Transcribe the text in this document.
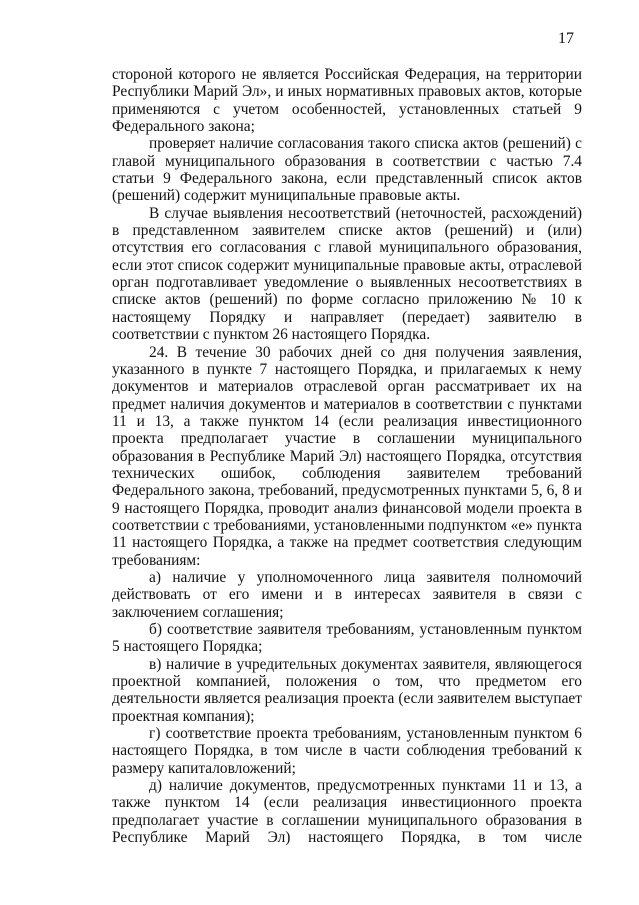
17

стороной которого не является Российская Федерация, на территории Республики Марий Эл», и иных нормативных правовых актов, которые применяются с учетом особенностей, установленных статьей 9 Федерального закона;

проверяет наличие согласования такого списка актов (решений) с главой муниципального образования в соответствии с частью 7.4 статьи 9 Федерального закона, если представленный список актов (решений) содержит муниципальные правовые акты.

В случае выявления несоответствий (неточностей, расхождений) в представленном заявителем списке актов (решений) и (или) отсутствия его согласования с главой муниципального образования, если этот список содержит муниципальные правовые акты, отраслевой орган подготавливает уведомление о выявленных несоответствиях в списке актов (решений) по форме согласно приложению № 10 к настоящему Порядку и направляет (передает) заявителю в соответствии с пунктом 26 настоящего Порядка.

24. В течение 30 рабочих дней со дня получения заявления, указанного в пункте 7 настоящего Порядка, и прилагаемых к нему документов и материалов отраслевой орган рассматривает их на предмет наличия документов и материалов в соответствии с пунктами 11 и 13, а также пунктом 14 (если реализация инвестиционного проекта предполагает участие в соглашении муниципального образования в Республике Марий Эл) настоящего Порядка, отсутствия технических ошибок, соблюдения заявителем требований Федерального закона, требований, предусмотренных пунктами 5, 6, 8 и 9 настоящего Порядка, проводит анализ финансовой модели проекта в соответствии с требованиями, установленными подпунктом «е» пункта 11 настоящего Порядка, а также на предмет соответствия следующим требованиям:

а) наличие у уполномоченного лица заявителя полномочий действовать от его имени и в интересах заявителя в связи с заключением соглашения;

б) соответствие заявителя требованиям, установленным пунктом 5 настоящего Порядка;

в) наличие в учредительных документах заявителя, являющегося проектной компанией, положения о том, что предметом его деятельности является реализация проекта (если заявителем выступает проектная компания);

г) соответствие проекта требованиям, установленным пунктом 6 настоящего Порядка, в том числе в части соблюдения требований к размеру капиталовложений;

д) наличие документов, предусмотренных пунктами 11 и 13, а также пунктом 14 (если реализация инвестиционного проекта предполагает участие в соглашении муниципального образования в Республике Марий Эл) настоящего Порядка, в том числе
